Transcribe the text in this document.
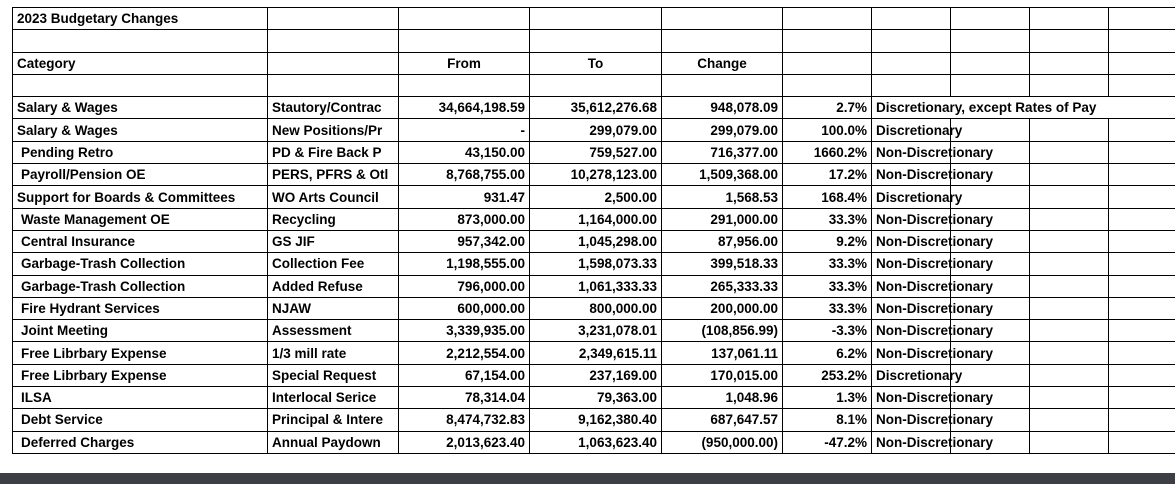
2023 Budgetary Changes									

Category		From	To	Change					

Salary & Wages	Stautory/Contrac	34,664,198.59	35,612,276.68	948,078.09	2.7%	Discretionary, except Rates of Pay			
Salary & Wages	New Positions/Pr	-	299,079.00	299,079.00	100.0%	Discretionary			
Pending Retro	PD & Fire Back P	43,150.00	759,527.00	716,377.00	1660.2%	Non-Discretionary			
Payroll/Pension OE	PERS, PFRS & Otl	8,768,755.00	10,278,123.00	1,509,368.00	17.2%	Non-Discretionary			
Support for Boards & Committees	WO Arts Council	931.47	2,500.00	1,568.53	168.4%	Discretionary			
Waste Management OE	Recycling	873,000.00	1,164,000.00	291,000.00	33.3%	Non-Discretionary			
Central Insurance	GS JIF	957,342.00	1,045,298.00	87,956.00	9.2%	Non-Discretionary			
Garbage-Trash Collection	Collection Fee	1,198,555.00	1,598,073.33	399,518.33	33.3%	Non-Discretionary			
Garbage-Trash Collection	Added Refuse	796,000.00	1,061,333.33	265,333.33	33.3%	Non-Discretionary			
Fire Hydrant Services	NJAW	600,000.00	800,000.00	200,000.00	33.3%	Non-Discretionary			
Joint Meeting	Assessment	3,339,935.00	3,231,078.01	(108,856.99)	-3.3%	Non-Discretionary			
Free Librbary Expense	1/3 mill rate	2,212,554.00	2,349,615.11	137,061.11	6.2%	Non-Discretionary			
Free Librbary Expense	Special Request	67,154.00	237,169.00	170,015.00	253.2%	Discretionary			
ILSA	Interlocal Serice	78,314.04	79,363.00	1,048.96	1.3%	Non-Discretionary			
Debt Service	Principal & Intere	8,474,732.83	9,162,380.40	687,647.57	8.1%	Non-Discretionary			
Deferred Charges	Annual Paydown	2,013,623.40	1,063,623.40	(950,000.00)	-47.2%	Non-Discretionary			
